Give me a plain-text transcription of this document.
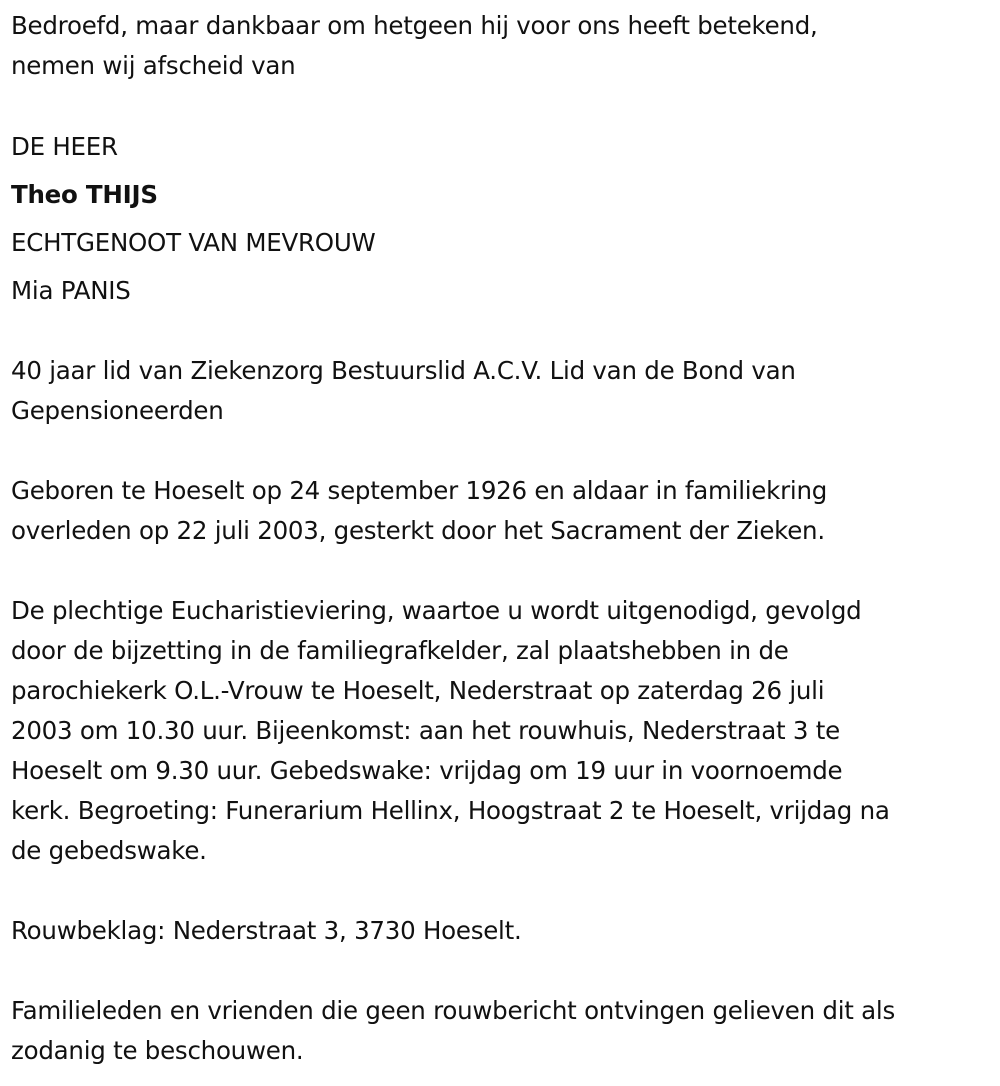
Bedroefd, maar dankbaar om hetgeen hij voor ons heeft betekend,
nemen wij afscheid van

DE HEER

Theo THIJS

ECHTGENOOT VAN MEVROUW

Mia PANIS

40 jaar lid van Ziekenzorg Bestuurslid A.C.V. Lid van de Bond van
Gepensioneerden

Geboren te Hoeselt op 24 september 1926 en aldaar in familiekring
overleden op 22 juli 2003, gesterkt door het Sacrament der Zieken.

De plechtige Eucharistieviering, waartoe u wordt uitgenodigd, gevolgd
door de bijzetting in de familiegrafkelder, zal plaatshebben in de
parochiekerk O.L.-Vrouw te Hoeselt, Nederstraat op zaterdag 26 juli
2003 om 10.30 uur. Bijeenkomst: aan het rouwhuis, Nederstraat 3 te
Hoeselt om 9.30 uur. Gebedswake: vrijdag om 19 uur in voornoemde
kerk. Begroeting: Funerarium Hellinx, Hoogstraat 2 te Hoeselt, vrijdag na
de gebedswake.

Rouwbeklag: Nederstraat 3, 3730 Hoeselt.

Familieleden en vrienden die geen rouwbericht ontvingen gelieven dit als
zodanig te beschouwen.
